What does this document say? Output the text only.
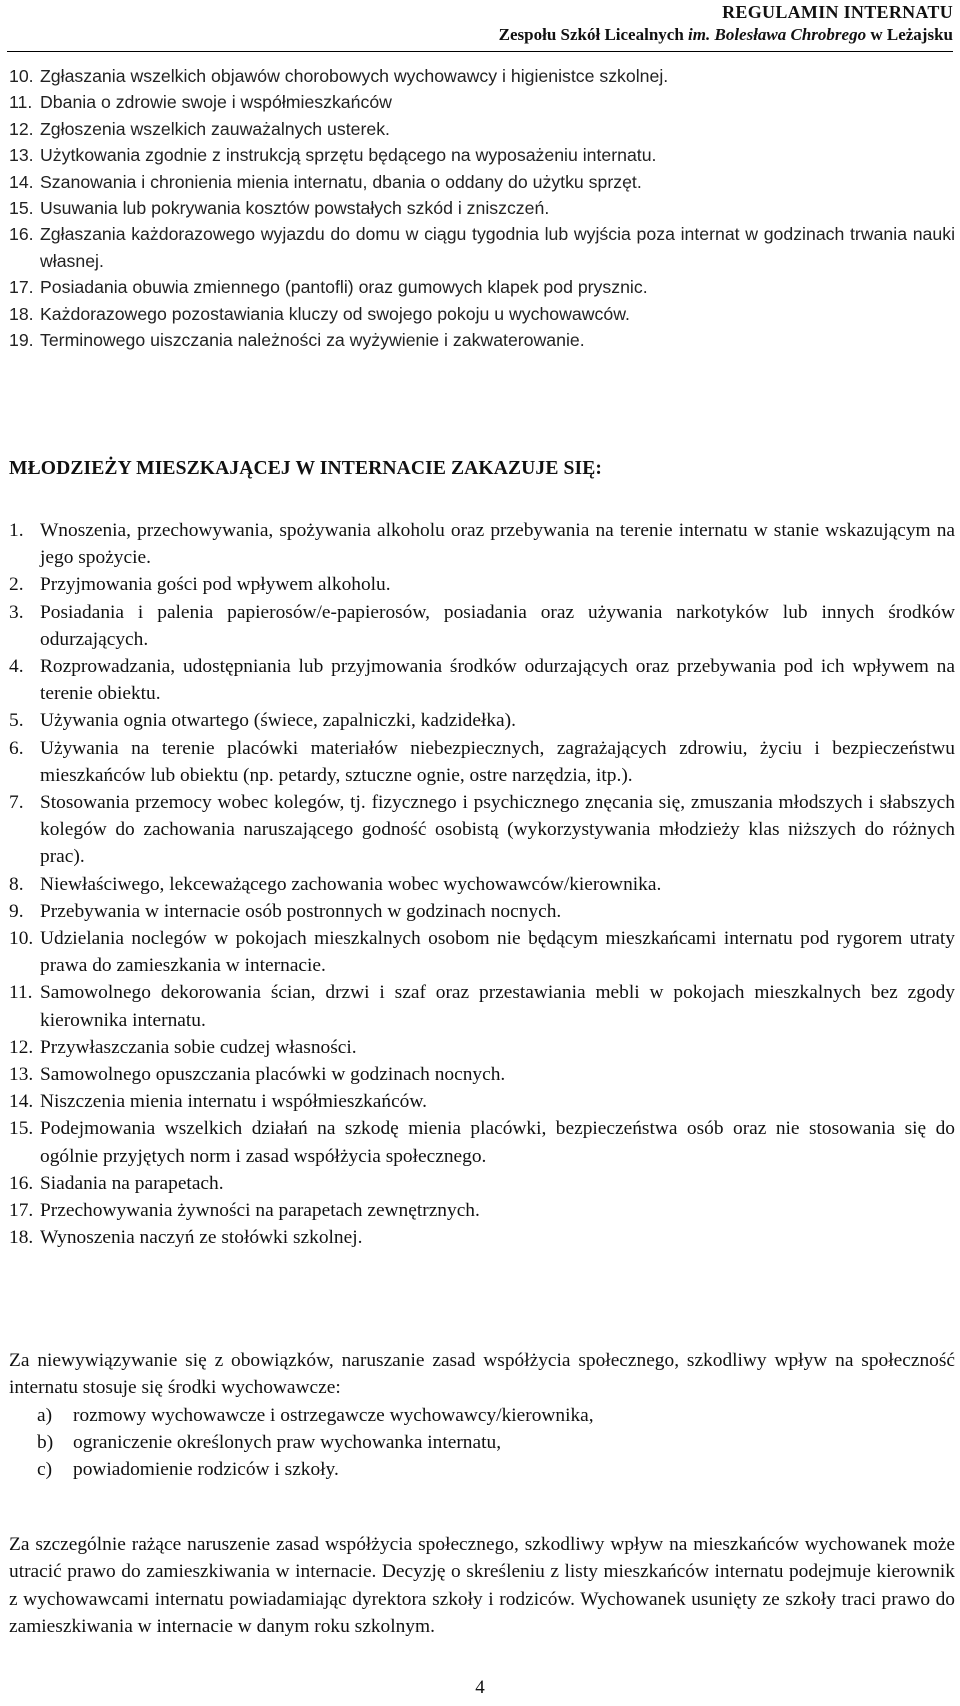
REGULAMIN INTERNATU
Zespołu Szkół Licealnych im. Bolesława Chrobrego w Leżajsku
10. Zgłaszania wszelkich objawów chorobowych wychowawcy i higienistce szkolnej.
11. Dbania o zdrowie swoje i współmieszkańców
12. Zgłoszenia wszelkich zauważalnych usterek.
13. Użytkowania zgodnie z instrukcją sprzętu będącego na wyposażeniu internatu.
14. Szanowania i chronienia mienia internatu, dbania o oddany do użytku sprzęt.
15. Usuwania lub pokrywania kosztów powstałych szkód i zniszczeń.
16. Zgłaszania każdorazowego wyjazdu do domu w ciągu tygodnia lub wyjścia poza internat w godzinach trwania nauki własnej.
17. Posiadania obuwia zmiennego (pantofli) oraz gumowych klapek pod prysznic.
18. Każdorazowego pozostawiania kluczy od swojego pokoju u wychowawców.
19. Terminowego uiszczania należności za wyżywienie i zakwaterowanie.
MŁODZIEŻY MIESZKAJĄCEJ W INTERNACIE ZAKAZUJE SIĘ:
1. Wnoszenia, przechowywania, spożywania alkoholu oraz przebywania na terenie internatu w stanie wskazującym na jego spożycie.
2. Przyjmowania gości pod wpływem alkoholu.
3. Posiadania i palenia papierosów/e-papierosów, posiadania oraz używania narkotyków lub innych środków odurzających.
4. Rozprowadzania, udostępniania lub przyjmowania środków odurzających oraz przebywania pod ich wpływem na terenie obiektu.
5. Używania ognia otwartego (świece, zapalniczki, kadzidełka).
6. Używania na terenie placówki materiałów niebezpiecznych, zagrażających zdrowiu, życiu i bezpieczeństwu mieszkańców lub obiektu (np. petardy, sztuczne ognie, ostre narzędzia, itp.).
7. Stosowania przemocy wobec kolegów, tj. fizycznego i psychicznego znęcania się, zmuszania młodszych i słabszych kolegów do zachowania naruszającego godność osobistą (wykorzystywania młodzieży klas niższych do różnych prac).
8. Niewłaściwego, lekceważącego zachowania wobec wychowawców/kierownika.
9. Przebywania w internacie osób postronnych w godzinach nocnych.
10. Udzielania noclegów w pokojach mieszkalnych osobom nie będącym mieszkańcami internatu pod rygorem utraty prawa do zamieszkania w internacie.
11. Samowolnego dekorowania ścian, drzwi i szaf oraz przestawiania mebli w pokojach mieszkalnych bez zgody kierownika internatu.
12. Przywłaszczania sobie cudzej własności.
13. Samowolnego opuszczania placówki w godzinach nocnych.
14. Niszczenia mienia internatu i współmieszkańców.
15. Podejmowania wszelkich działań na szkodę mienia placówki, bezpieczeństwa osób oraz nie stosowania się do ogólnie przyjętych norm i zasad współżycia społecznego.
16. Siadania na parapetach.
17. Przechowywania żywności na parapetach zewnętrznych.
18. Wynoszenia naczyń ze stołówki szkolnej.

Za niewywiązywanie się z obowiązków, naruszanie zasad współżycia społecznego, szkodliwy wpływ na społeczność internatu stosuje się środki wychowawcze:

a) rozmowy wychowawcze i ostrzegawcze wychowawcy/kierownika,
b) ograniczenie określonych praw wychowanka internatu,
c) powiadomienie rodziców i szkoły.

Za szczególnie rażące naruszenie zasad współżycia społecznego, szkodliwy wpływ na mieszkańców wychowanek może utracić prawo do zamieszkiwania w internacie. Decyzję o skreśleniu z listy mieszkańców internatu podejmuje kierownik z wychowawcami internatu powiadamiając dyrektora szkoły i rodziców. Wychowanek usunięty ze szkoły traci prawo do zamieszkiwania w internacie w danym roku szkolnym.

4
